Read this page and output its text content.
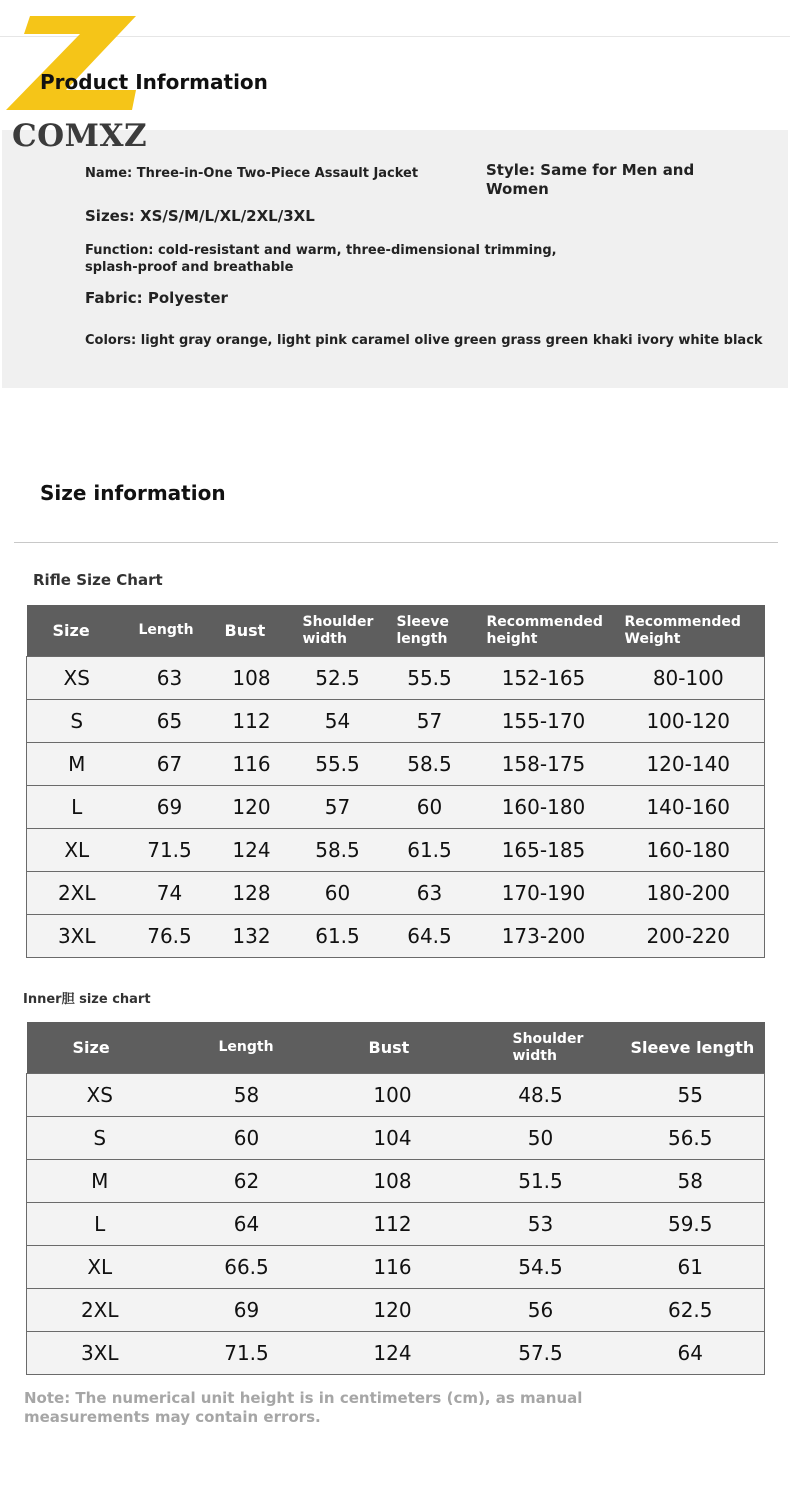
COMXZ
Product Information
Name: Three-in-One Two-Piece Assault Jacket	Style: Same for Men and Women
Sizes: XS/S/M/L/XL/2XL/3XL
Function: cold-resistant and warm, three-dimensional trimming, splash-proof and breathable
Fabric: Polyester
Colors: light gray orange, light pink caramel olive green grass green khaki ivory white black
Size information
Rifle Size Chart
Size	Length	Bust	Shoulder width	Sleeve length	Recommended height	Recommended Weight
XS	63	108	52.5	55.5	152-165	80-100
S	65	112	54	57	155-170	100-120
M	67	116	55.5	58.5	158-175	120-140
L	69	120	57	60	160-180	140-160
XL	71.5	124	58.5	61.5	165-185	160-180
2XL	74	128	60	63	170-190	180-200
3XL	76.5	132	61.5	64.5	173-200	200-220
Inner胆 size chart
Size	Length	Bust	Shoulder width	Sleeve length
XS	58	100	48.5	55
S	60	104	50	56.5
M	62	108	51.5	58
L	64	112	53	59.5
XL	66.5	116	54.5	61
2XL	69	120	56	62.5
3XL	71.5	124	57.5	64
Note: The numerical unit height is in centimeters (cm), as manual measurements may contain errors.
